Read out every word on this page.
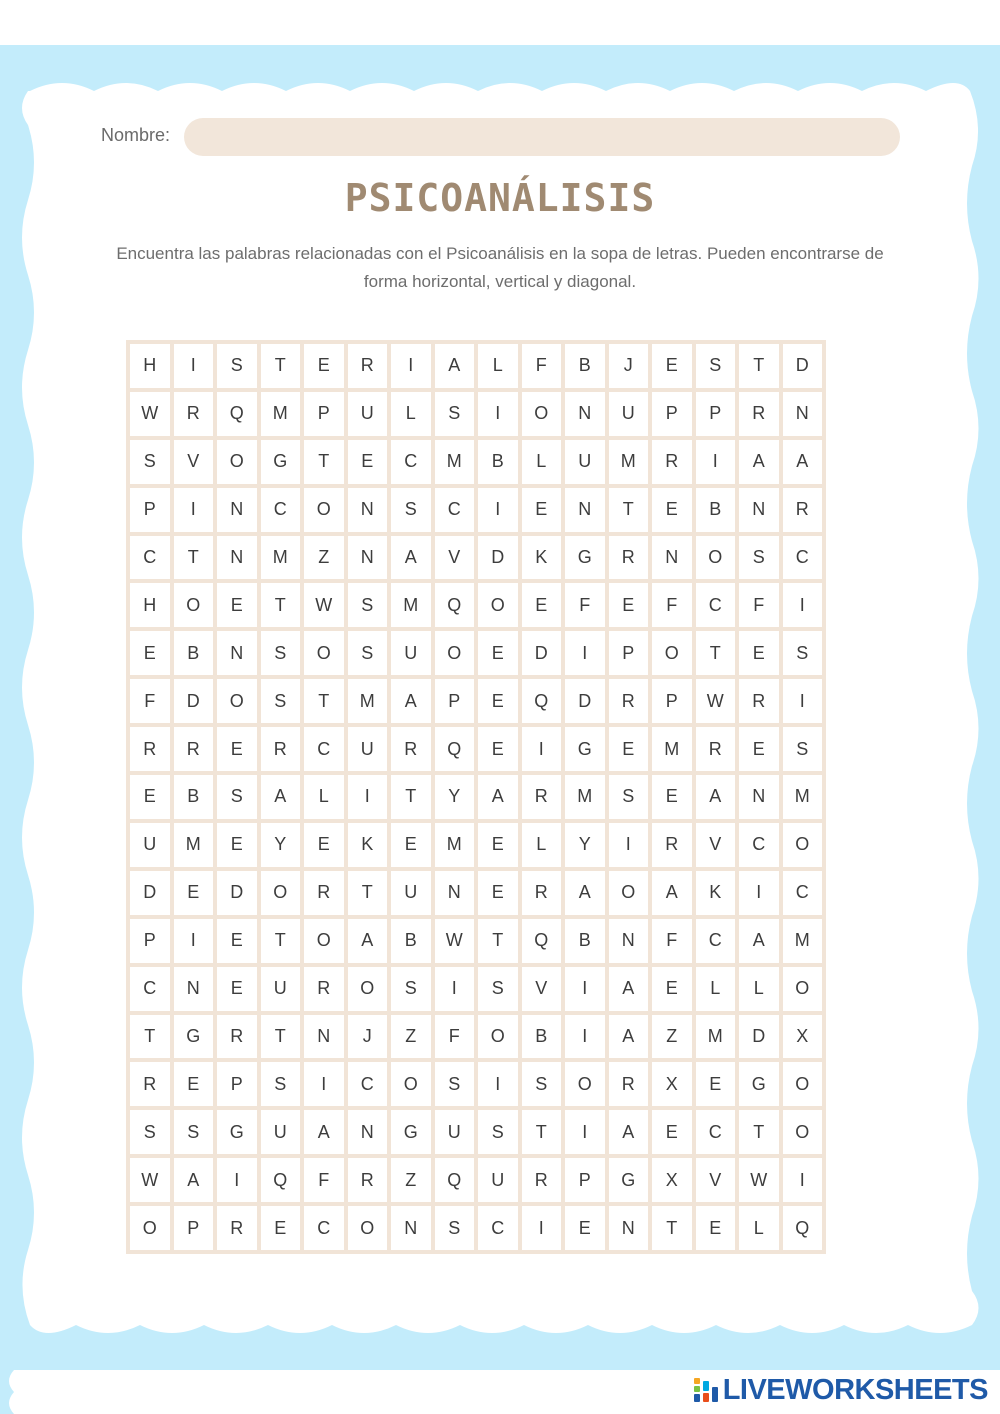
Nombre:
PSICOANÁLISIS
Encuentra las palabras relacionadas con el Psicoanálisis en la sopa de letras. Pueden encontrarse de forma horizontal, vertical y diagonal.
H	I	S	T	E	R	I	A	L	F	B	J	E	S	T	D
W	R	Q	M	P	U	L	S	I	O	N	U	P	P	R	N
S	V	O	G	T	E	C	M	B	L	U	M	R	I	A	A
P	I	N	C	O	N	S	C	I	E	N	T	E	B	N	R
C	T	N	M	Z	N	A	V	D	K	G	R	N	O	S	C
H	O	E	T	W	S	M	Q	O	E	F	E	F	C	F	I
E	B	N	S	O	S	U	O	E	D	I	P	O	T	E	S
F	D	O	S	T	M	A	P	E	Q	D	R	P	W	R	I
R	R	E	R	C	U	R	Q	E	I	G	E	M	R	E	S
E	B	S	A	L	I	T	Y	A	R	M	S	E	A	N	M
U	M	E	Y	E	K	E	M	E	L	Y	I	R	V	C	O
D	E	D	O	R	T	U	N	E	R	A	O	A	K	I	C
P	I	E	T	O	A	B	W	T	Q	B	N	F	C	A	M
C	N	E	U	R	O	S	I	S	V	I	A	E	L	L	O
T	G	R	T	N	J	Z	F	O	B	I	A	Z	M	D	X
R	E	P	S	I	C	O	S	I	S	O	R	X	E	G	O
S	S	G	U	A	N	G	U	S	T	I	A	E	C	T	O
W	A	I	Q	F	R	Z	Q	U	R	P	G	X	V	W	I
O	P	R	E	C	O	N	S	C	I	E	N	T	E	L	Q
LIVEWORKSHEETS
